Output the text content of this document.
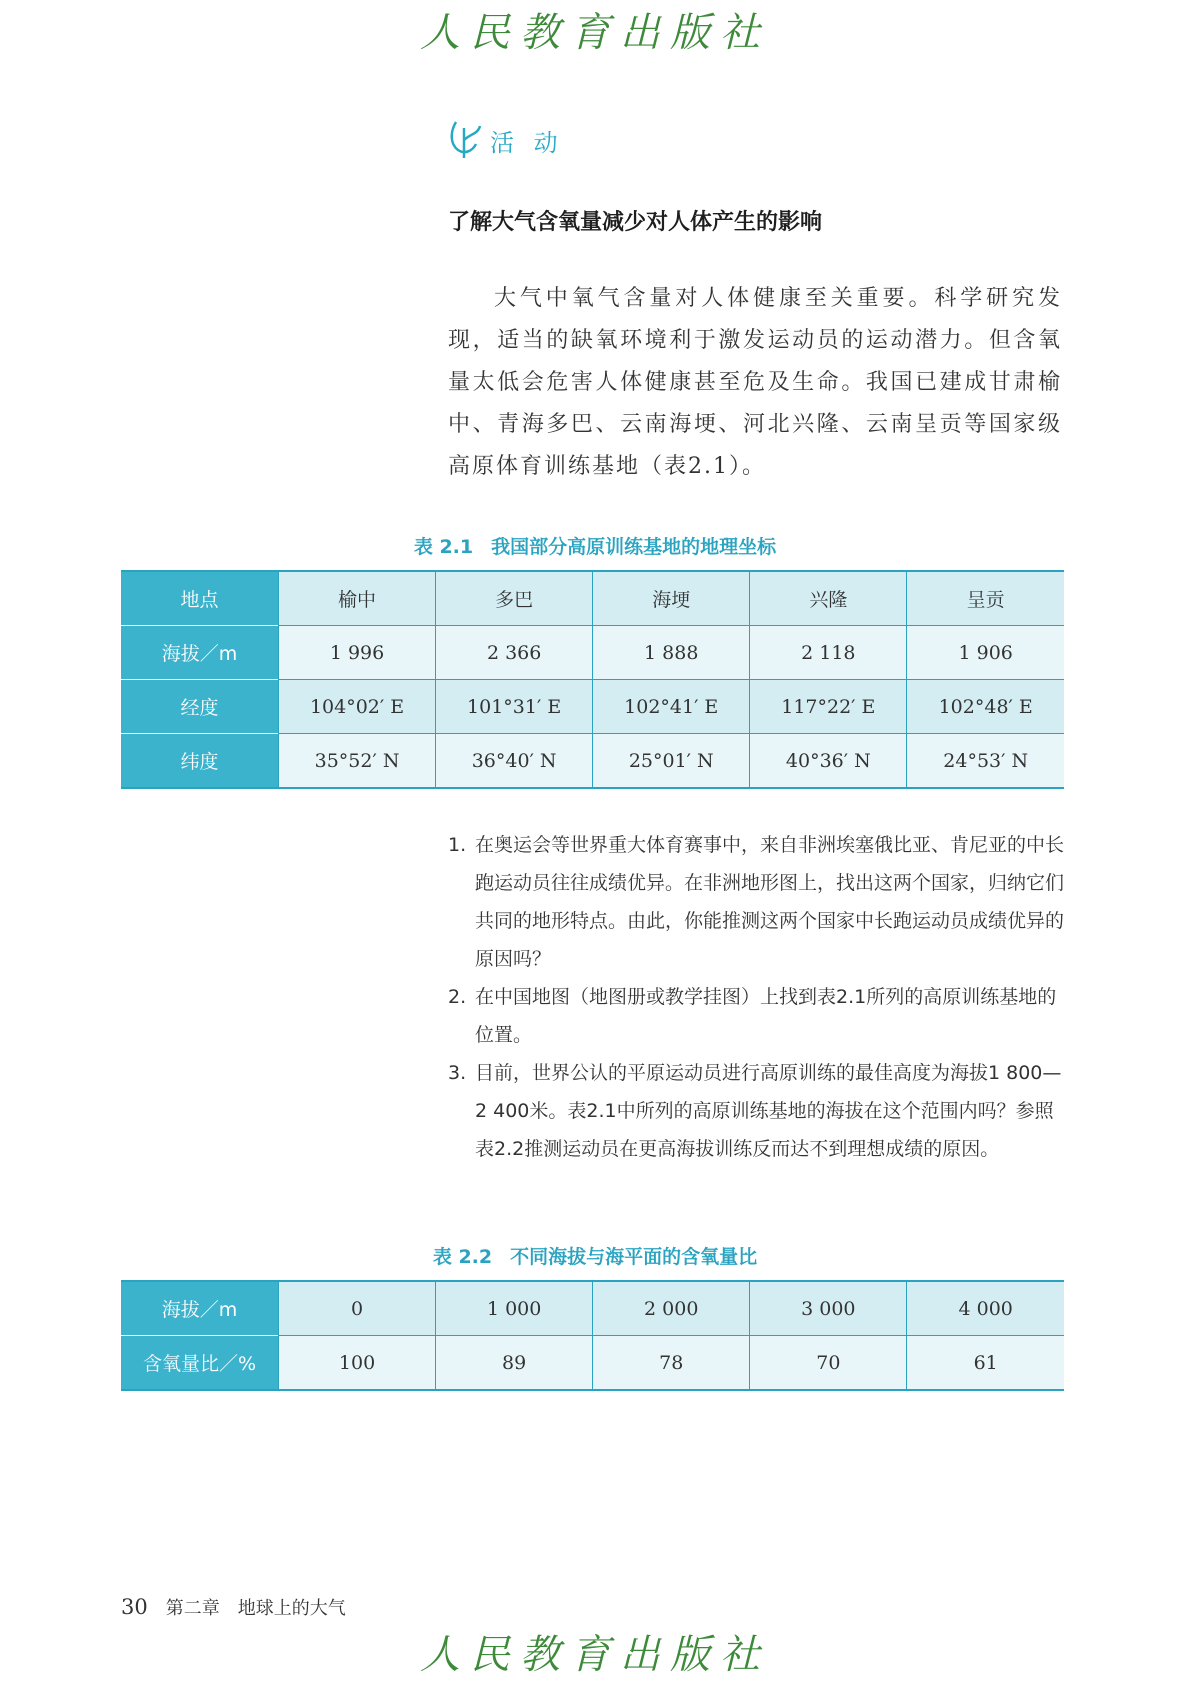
人民教育出版社
活 动
了解大气含氧量减少对人体产生的影响

大气中氧气含量对人体健康至关重要。科学研究发现，适当的缺氧环境利于激发运动员的运动潜力。但含氧量太低会危害人体健康甚至危及生命。我国已建成甘肃榆中、青海多巴、云南海埂、河北兴隆、云南呈贡等国家级高原体育训练基地（表2.1）。

表 2.1 我国部分高原训练基地的地理坐标
地点	榆中	多巴	海埂	兴隆	呈贡
海拔／m	1 996	2 366	1 888	2 118	1 906
经度	104°02′ E	101°31′ E	102°41′ E	117°22′ E	102°48′ E
纬度	35°52′ N	36°40′ N	25°01′ N	40°36′ N	24°53′ N
1. 在奥运会等世界重大体育赛事中，来自非洲埃塞俄比亚、肯尼亚的中长跑运动员往往成绩优异。在非洲地形图上，找出这两个国家，归纳它们共同的地形特点。由此，你能推测这两个国家中长跑运动员成绩优异的原因吗？
2. 在中国地图（地图册或教学挂图）上找到表2.1所列的高原训练基地的位置。
3. 目前，世界公认的平原运动员进行高原训练的最佳高度为海拔1 800—2 400米。表2.1中所列的高原训练基地的海拔在这个范围内吗？参照表2.2推测运动员在更高海拔训练反而达不到理想成绩的原因。
表 2.2 不同海拔与海平面的含氧量比
海拔／m	0	1 000	2 000	3 000	4 000
含氧量比／%	100	89	78	70	61
30 第二章 地球上的大气
人民教育出版社
